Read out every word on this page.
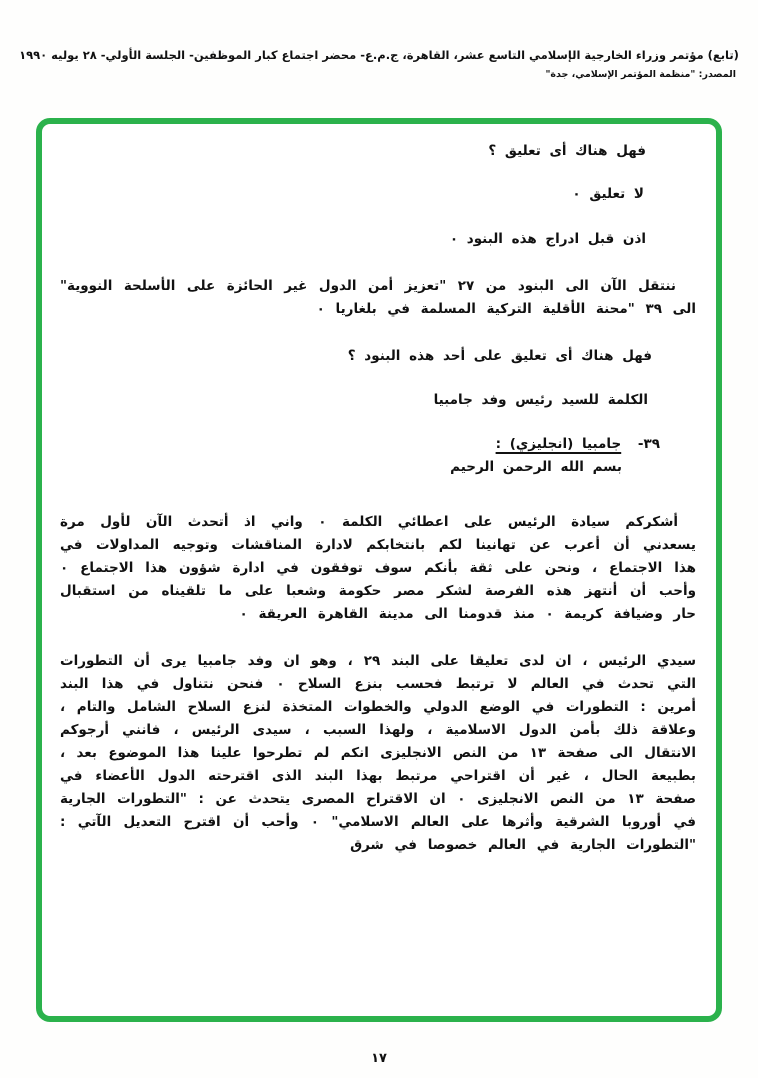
(تابع) مؤتمر وزراء الخارجية الإسلامي التاسع عشر، القاهرة، ج.م.ع- محضر اجتماع كبار الموظفين- الجلسة الأولي- ٢٨ يوليه ١٩٩٠
المصدر: "منظمة المؤتمر الإسلامي، جدة"

فهل هناك أى تعليق ؟

لا تعليق ٠

اذن قبل ادراج هذه البنود ٠

ننتقل الآن الى البنود من ٢٧ "تعزيز أمن الدول غير الحائزة على الأسلحة النووية" الى ٣٩ "محنة الأقلية التركية المسلمة في بلغاريا ٠

فهل هناك أى تعليق على أحد هذه البنود ؟

الكلمة للسيد رئيس وفد جامبيا

٣٩- جامبيا (انجليزي) :

بسم الله الرحمن الرحيم

أشكركم سيادة الرئيس على اعطائي الكلمة ٠ واني اذ أتحدث الآن لأول مرة يسعدني أن أعرب عن تهانينا لكم بانتخابكم لادارة المناقشات وتوجيه المداولات في هذا الاجتماع ، ونحن على ثقة بأنكم سوف توفقون في ادارة شؤون هذا الاجتماع ٠ وأحب أن أنتهز هذه الفرصة لشكر مصر حكومة وشعبا على ما تلقيناه من استقبال حار وضيافة كريمة ٠ منذ قدومنا الى مدينة القاهرة العريقة ٠

سيدي الرئيس ، ان لدى تعليقا على البند ٢٩ ، وهو ان وفد جامبيا يرى أن التطورات التي تحدث في العالم لا ترتبط فحسب بنزع السلاح ٠ فنحن نتناول في هذا البند أمرين : التطورات في الوضع الدولي والخطوات المتخذة لنزع السلاح الشامل والتام ، وعلاقة ذلك بأمن الدول الاسلامية ، ولهذا السبب ، سيدى الرئيس ، فانني أرجوكم الانتقال الى صفحة ١٣ من النص الانجليزى انكم لم تطرحوا علينا هذا الموضوع بعد ، بطبيعة الحال ، غير أن اقتراحي مرتبط بهذا البند الذى اقترحته الدول الأعضاء في صفحة ١٣ من النص الانجليزى ٠ ان الاقتراح المصرى يتحدث عن : "التطورات الجارية في أوروبا الشرقية وأثرها على العالم الاسلامي" ٠ وأحب أن اقترح التعديل الآتي : "التطورات الجارية في العالم خصوصا في شرق

١٧
